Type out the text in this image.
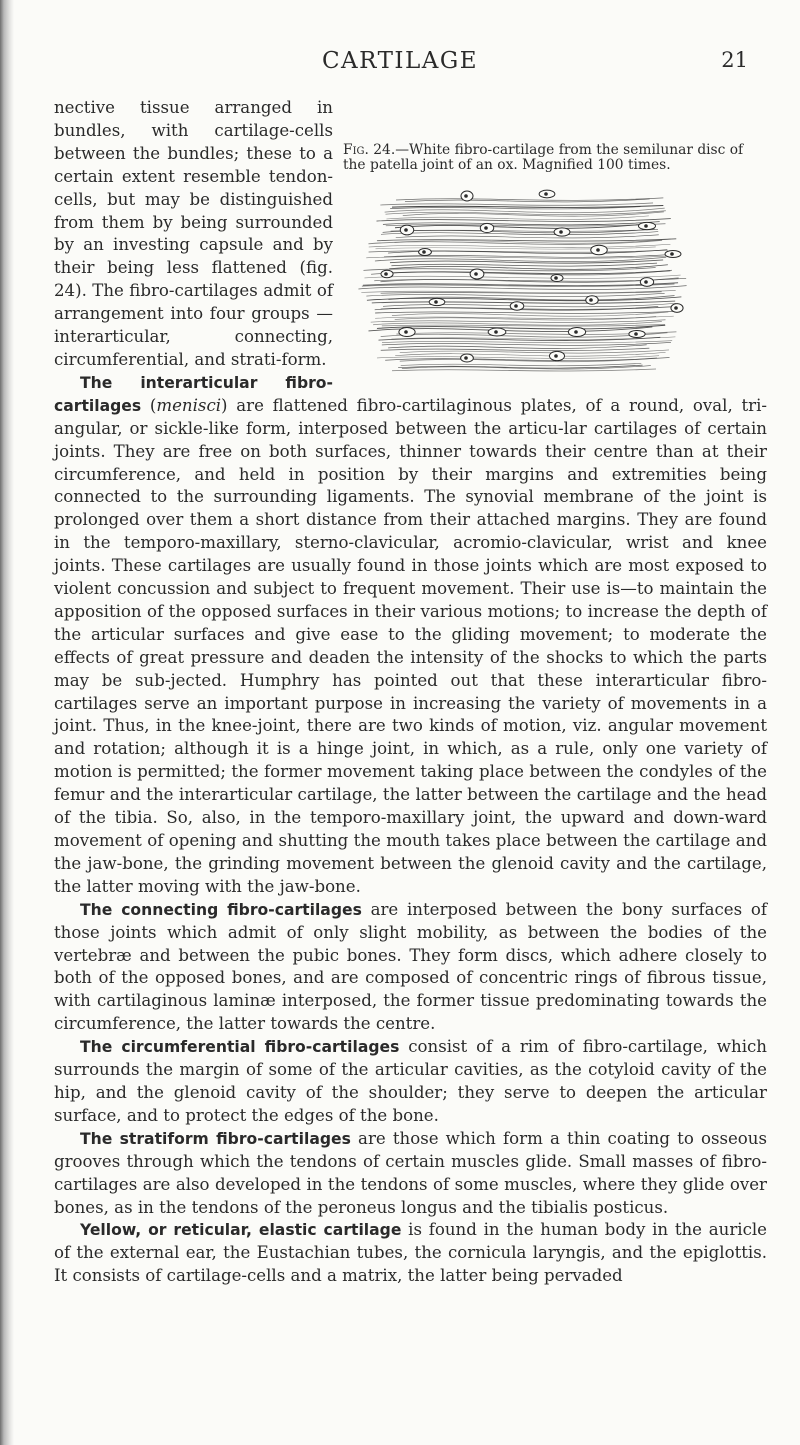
CARTILAGE	21

Fig. 24.—White fibro-cartilage from the semilunar disc of the patella joint of an ox. Magnified 100 times.
nective tissue arranged in bundles, with cartilage-cells between the bundles; these to a certain extent resemble tendon-cells, but may be distinguished from them by being surrounded by an investing capsule and by their being less flattened (fig. 24). The fibro-cartilages admit of arrangement into four groups —interarticular, connecting, circumferential, and strati-form.

The interarticular fibro-cartilages (menisci) are flattened fibro-cartilaginous plates, of a round, oval, tri-angular, or sickle-like form, interposed between the articu-lar cartilages of certain joints. They are free on both surfaces, thinner towards their centre than at their circumference, and held in position by their margins and extremities being connected to the surrounding ligaments. The synovial membrane of the joint is prolonged over them a short distance from their attached margins. They are found in the temporo-maxillary, sterno-clavicular, acromio-clavicular, wrist and knee joints. These cartilages are usually found in those joints which are most exposed to violent concussion and subject to frequent movement. Their use is—to maintain the apposition of the opposed surfaces in their various motions; to increase the depth of the articular surfaces and give ease to the gliding movement; to moderate the effects of great pressure and deaden the intensity of the shocks to which the parts may be sub-jected. Humphry has pointed out that these interarticular fibro-cartilages serve an important purpose in increasing the variety of movements in a joint. Thus, in the knee-joint, there are two kinds of motion, viz. angular movement and rotation; although it is a hinge joint, in which, as a rule, only one variety of motion is permitted; the former movement taking place between the condyles of the femur and the interarticular cartilage, the latter between the cartilage and the head of the tibia. So, also, in the temporo-maxillary joint, the upward and down-ward movement of opening and shutting the mouth takes place between the cartilage and the jaw-bone, the grinding movement between the glenoid cavity and the cartilage, the latter moving with the jaw-bone.

The connecting fibro-cartilages are interposed between the bony surfaces of those joints which admit of only slight mobility, as between the bodies of the vertebræ and between the pubic bones. They form discs, which adhere closely to both of the opposed bones, and are composed of concentric rings of fibrous tissue, with cartilaginous laminæ interposed, the former tissue predominating towards the circumference, the latter towards the centre.

The circumferential fibro-cartilages consist of a rim of fibro-cartilage, which surrounds the margin of some of the articular cavities, as the cotyloid cavity of the hip, and the glenoid cavity of the shoulder; they serve to deepen the articular surface, and to protect the edges of the bone.

The stratiform fibro-cartilages are those which form a thin coating to osseous grooves through which the tendons of certain muscles glide. Small masses of fibro-cartilages are also developed in the tendons of some muscles, where they glide over bones, as in the tendons of the peroneus longus and the tibialis posticus.

Yellow, or reticular, elastic cartilage is found in the human body in the auricle of the external ear, the Eustachian tubes, the cornicula laryngis, and the epiglottis. It consists of cartilage-cells and a matrix, the latter being pervaded
